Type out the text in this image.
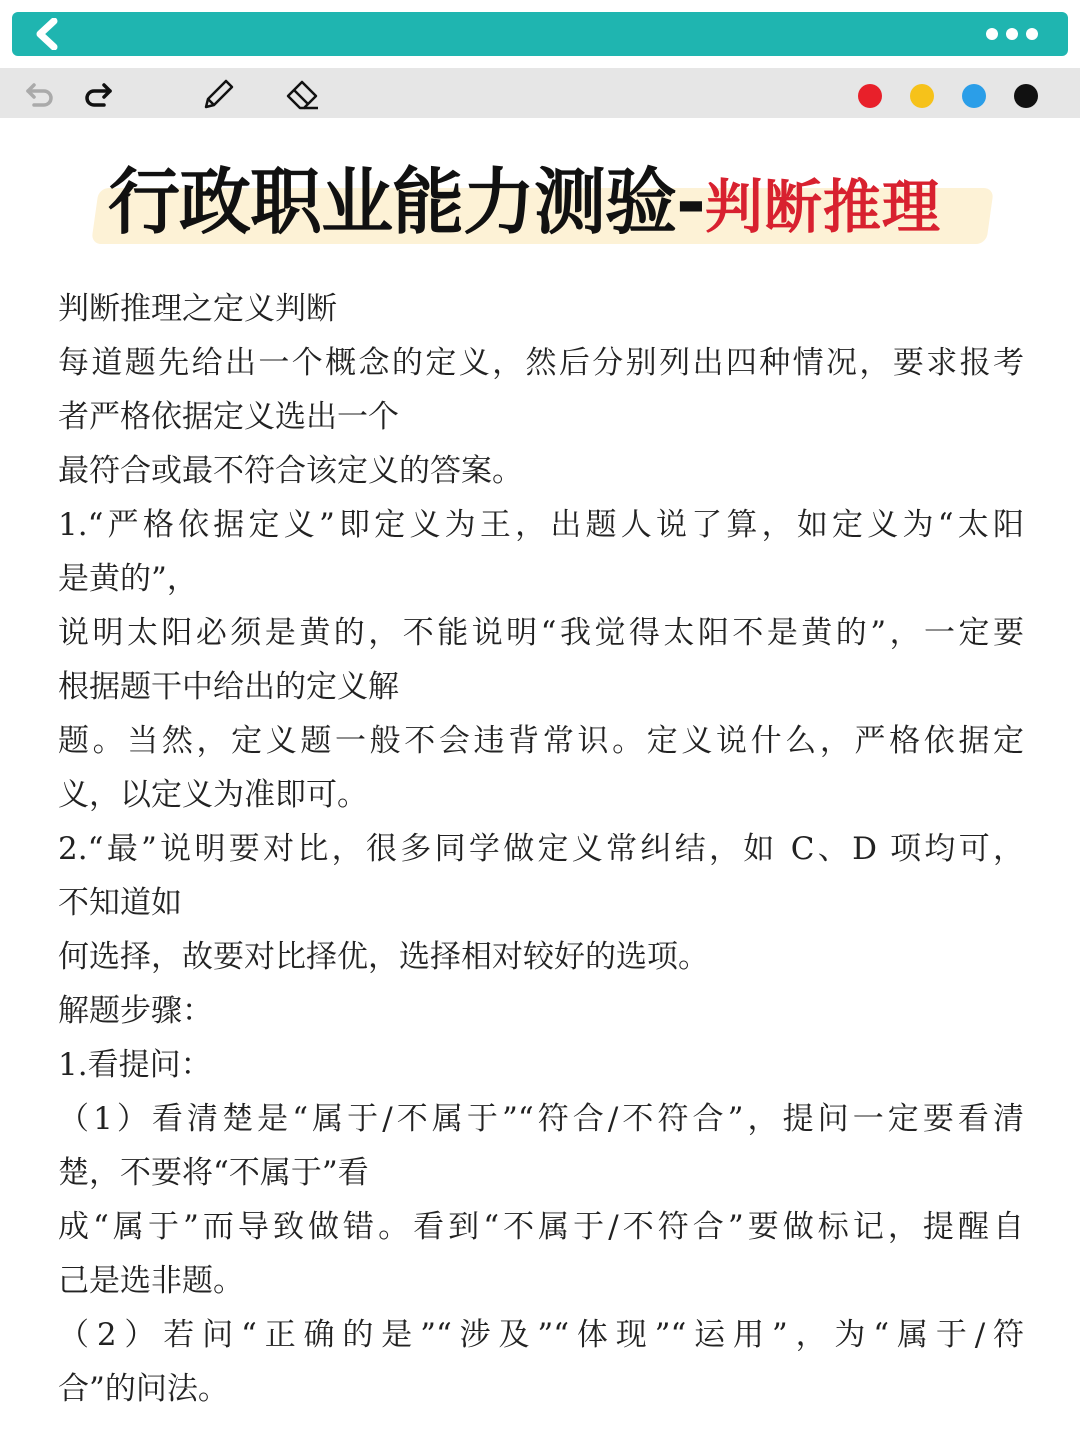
行政职业能力测验-判断推理
判断推理之定义判断
每道题先给出一个概念的定义，然后分别列出四种情况，要求报考
者严格依据定义选出一个
最符合或最不符合该定义的答案。
1.“严格依据定义”即定义为王，出题人说了算，如定义为“太阳
是黄的”，
说明太阳必须是黄的，不能说明“我觉得太阳不是黄的”，一定要
根据题干中给出的定义解
题。当然，定义题一般不会违背常识。定义说什么，严格依据定
义，以定义为准即可。
2.“最”说明要对比，很多同学做定义常纠结，如 C、D 项均可，
不知道如
何选择，故要对比择优，选择相对较好的选项。
解题步骤：
1.看提问：
（1）看清楚是“属于/不属于”“符合/不符合”，提问一定要看清
楚，不要将“不属于”看
成“属于”而导致做错。看到“不属于/不符合”要做标记，提醒自
己是选非题。
（2）若问“正确的是”“涉及”“体现”“运用”，为“属于/符
合”的问法。
